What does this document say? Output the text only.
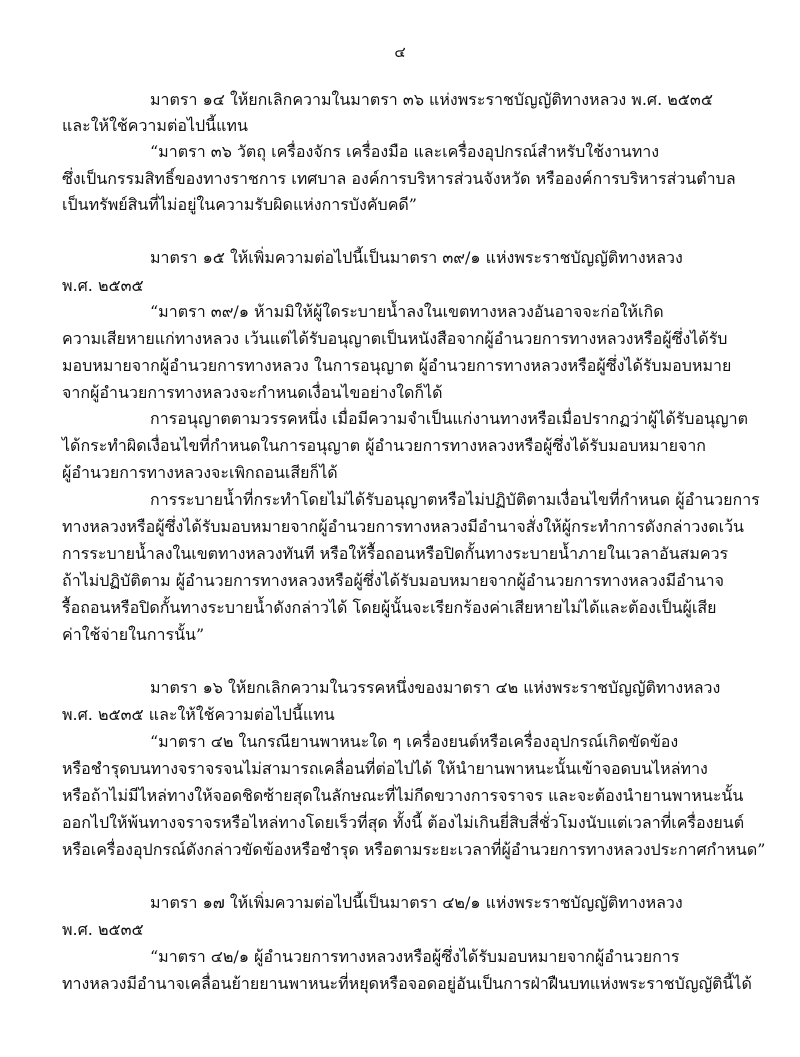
๔
มาตรา ๑๔ ให้ยกเลิกความในมาตรา ๓๖ แห่งพระราชบัญญัติทางหลวง พ.ศ. ๒๕๓๕
และให้ใช้ความต่อไปนี้แทน
“มาตรา ๓๖ วัตถุ เครื่องจักร เครื่องมือ และเครื่องอุปกรณ์สำหรับใช้งานทาง
ซึ่งเป็นกรรมสิทธิ์ของทางราชการ เทศบาล องค์การบริหารส่วนจังหวัด หรือองค์การบริหารส่วนตำบล
เป็นทรัพย์สินที่ไม่อยู่ในความรับผิดแห่งการบังคับคดี”
มาตรา ๑๕ ให้เพิ่มความต่อไปนี้เป็นมาตรา ๓๙/๑ แห่งพระราชบัญญัติทางหลวง
พ.ศ. ๒๕๓๕
“มาตรา ๓๙/๑ ห้ามมิให้ผู้ใดระบายน้ำลงในเขตทางหลวงอันอาจจะก่อให้เกิด
ความเสียหายแก่ทางหลวง เว้นแต่ได้รับอนุญาตเป็นหนังสือจากผู้อำนวยการทางหลวงหรือผู้ซึ่งได้รับ
มอบหมายจากผู้อำนวยการทางหลวง ในการอนุญาต ผู้อำนวยการทางหลวงหรือผู้ซึ่งได้รับมอบหมาย
จากผู้อำนวยการทางหลวงจะกำหนดเงื่อนไขอย่างใดก็ได้
การอนุญาตตามวรรคหนึ่ง เมื่อมีความจำเป็นแก่งานทางหรือเมื่อปรากฏว่าผู้ได้รับอนุญาต
ได้กระทำผิดเงื่อนไขที่กำหนดในการอนุญาต ผู้อำนวยการทางหลวงหรือผู้ซึ่งได้รับมอบหมายจาก
ผู้อำนวยการทางหลวงจะเพิกถอนเสียก็ได้
การระบายน้ำที่กระทำโดยไม่ได้รับอนุญาตหรือไม่ปฏิบัติตามเงื่อนไขที่กำหนด ผู้อำนวยการ
ทางหลวงหรือผู้ซึ่งได้รับมอบหมายจากผู้อำนวยการทางหลวงมีอำนาจสั่งให้ผู้กระทำการดังกล่าวงดเว้น
การระบายน้ำลงในเขตทางหลวงทันที หรือให้รื้อถอนหรือปิดกั้นทางระบายน้ำภายในเวลาอันสมควร
ถ้าไม่ปฏิบัติตาม ผู้อำนวยการทางหลวงหรือผู้ซึ่งได้รับมอบหมายจากผู้อำนวยการทางหลวงมีอำนาจ
รื้อถอนหรือปิดกั้นทางระบายน้ำดังกล่าวได้ โดยผู้นั้นจะเรียกร้องค่าเสียหายไม่ได้และต้องเป็นผู้เสีย
ค่าใช้จ่ายในการนั้น”
มาตรา ๑๖ ให้ยกเลิกความในวรรคหนึ่งของมาตรา ๔๒ แห่งพระราชบัญญัติทางหลวง
พ.ศ. ๒๕๓๕ และให้ใช้ความต่อไปนี้แทน
“มาตรา ๔๒ ในกรณียานพาหนะใด ๆ เครื่องยนต์หรือเครื่องอุปกรณ์เกิดขัดข้อง
หรือชำรุดบนทางจราจรจนไม่สามารถเคลื่อนที่ต่อไปได้ ให้นำยานพาหนะนั้นเข้าจอดบนไหล่ทาง
หรือถ้าไม่มีไหล่ทางให้จอดชิดซ้ายสุดในลักษณะที่ไม่กีดขวางการจราจร และจะต้องนำยานพาหนะนั้น
ออกไปให้พ้นทางจราจรหรือไหล่ทางโดยเร็วที่สุด ทั้งนี้ ต้องไม่เกินยี่สิบสี่ชั่วโมงนับแต่เวลาที่เครื่องยนต์
หรือเครื่องอุปกรณ์ดังกล่าวขัดข้องหรือชำรุด หรือตามระยะเวลาที่ผู้อำนวยการทางหลวงประกาศกำหนด”
มาตรา ๑๗ ให้เพิ่มความต่อไปนี้เป็นมาตรา ๔๒/๑ แห่งพระราชบัญญัติทางหลวง
พ.ศ. ๒๕๓๕
“มาตรา ๔๒/๑ ผู้อำนวยการทางหลวงหรือผู้ซึ่งได้รับมอบหมายจากผู้อำนวยการ
ทางหลวงมีอำนาจเคลื่อนย้ายยานพาหนะที่หยุดหรือจอดอยู่อันเป็นการฝ่าฝืนบทแห่งพระราชบัญญัตินี้ได้
